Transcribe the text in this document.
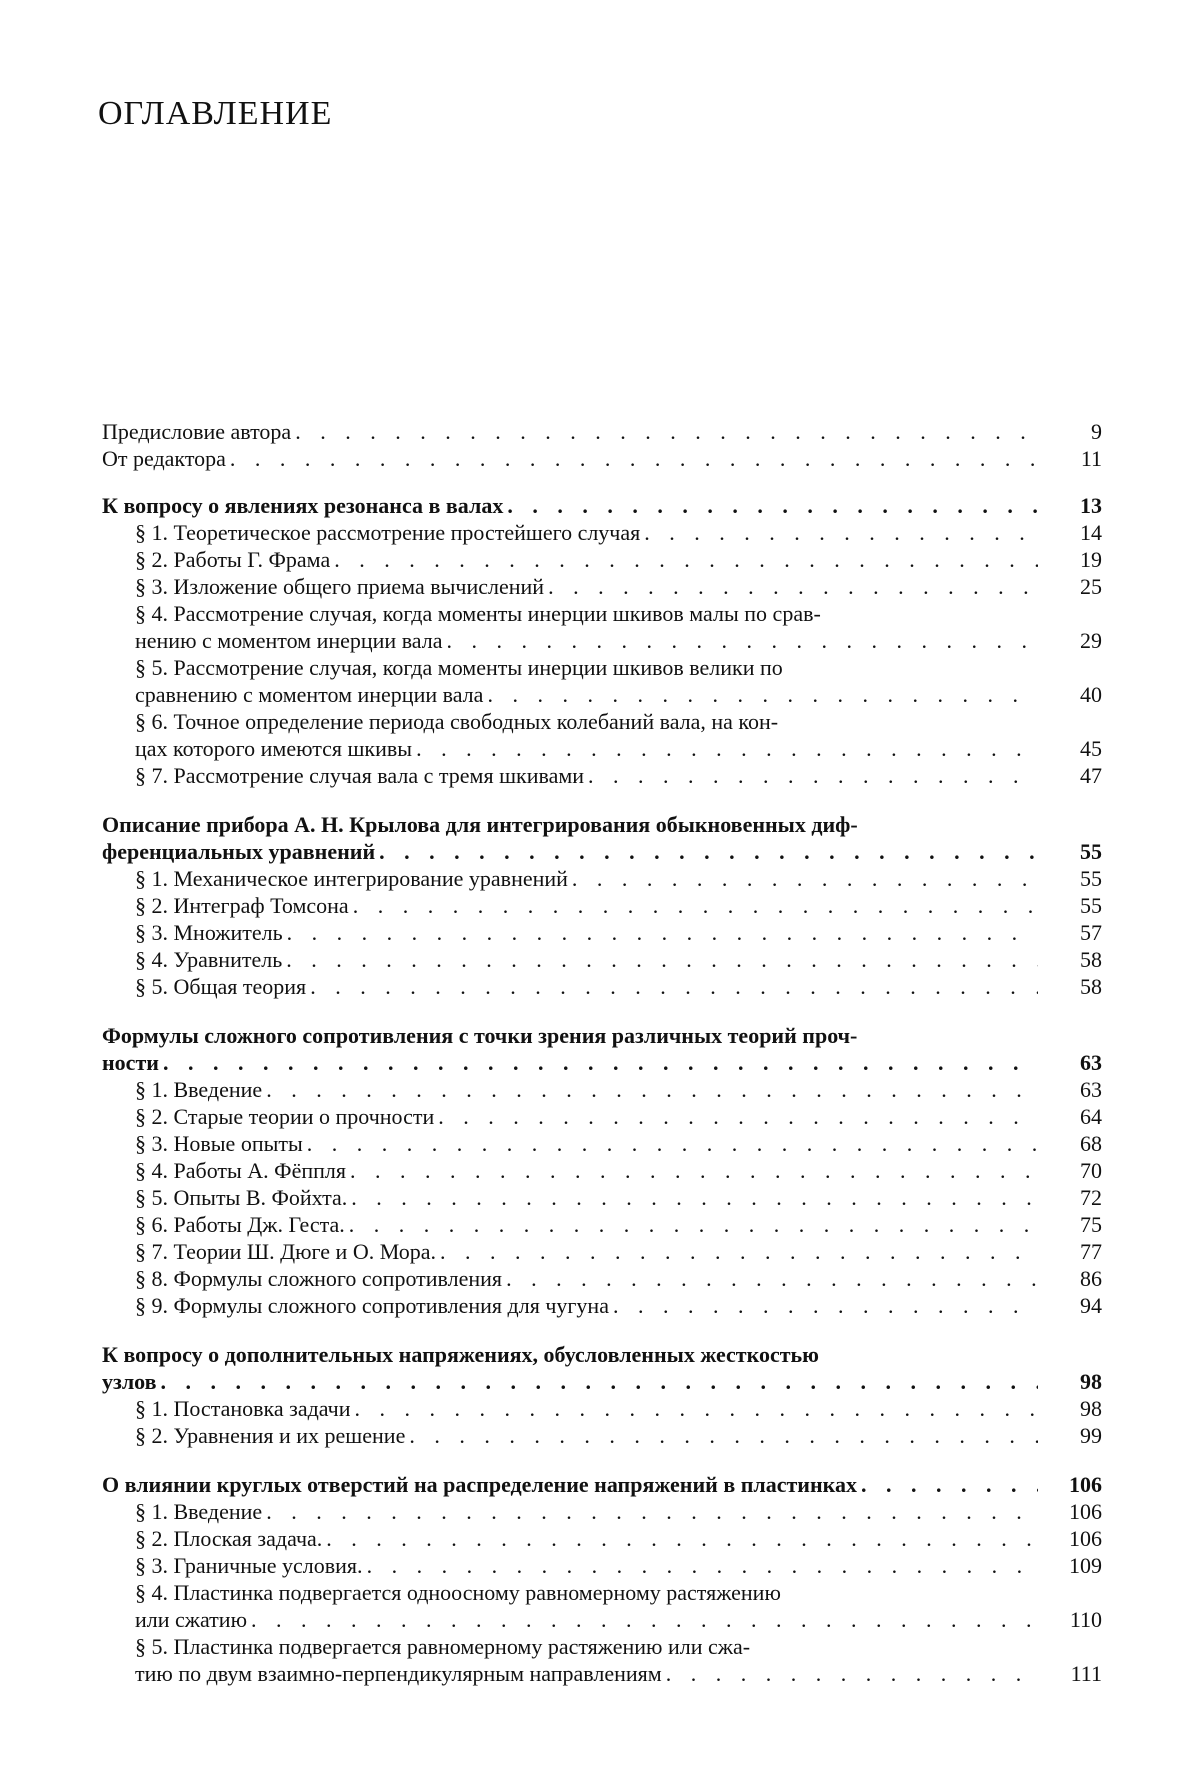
ОГЛАВЛЕНИЕ
Предисловие автора . . .	9
От редактора . . .	11
К вопросу о явлениях резонанса в валах . . .	13
§ 1. Теоретическое рассмотрение простейшего случая . . .	14
§ 2. Работы Г. Фрама . . .	19
§ 3. Изложение общего приема вычислений . . .	25
§ 4. Рассмотрение случая, когда моменты инерции шкивов малы по срав-
нению с моментом инерции вала . . .	29
§ 5. Рассмотрение случая, когда моменты инерции шкивов велики по
сравнению с моментом инерции вала . . .	40
§ 6. Точное определение периода свободных колебаний вала, на кон-
цах которого имеются шкивы . . .	45
§ 7. Рассмотрение случая вала с тремя шкивами . . .	47
Описание прибора А. Н. Крылова для интегрирования обыкновенных диф-
ференциальных уравнений . . .	55
§ 1. Механическое интегрирование уравнений . . .	55
§ 2. Интеграф Томсона . . .	55
§ 3. Множитель . . .	57
§ 4. Уравнитель . . .	58
§ 5. Общая теория . . .	58
Формулы сложного сопротивления с точки зрения различных теорий проч-
ности . . .	63
§ 1. Введение . . .	63
§ 2. Старые теории о прочности . . .	64
§ 3. Новые опыты . . .	68
§ 4. Работы А. Фёппля . . .	70
§ 5. Опыты В. Фойхта. . . .	72
§ 6. Работы Дж. Геста. . . .	75
§ 7. Теории Ш. Дюге и О. Мора. . . .	77
§ 8. Формулы сложного сопротивления . . .	86
§ 9. Формулы сложного сопротивления для чугуна . . .	94
К вопросу о дополнительных напряжениях, обусловленных жесткостью
узлов . . .	98
§ 1. Постановка задачи . . .	98
§ 2. Уравнения и их решение . . .	99
О влиянии круглых отверстий на распределение напряжений в пластинках . . .	106
§ 1. Введение . . .	106
§ 2. Плоская задача. . . .	106
§ 3. Граничные условия. . . .	109
§ 4. Пластинка подвергается одноосному равномерному растяжению
или сжатию . . .	110
§ 5. Пластинка подвергается равномерному растяжению или сжа-
тию по двум взаимно-перпендикулярным направлениям . . .	111
